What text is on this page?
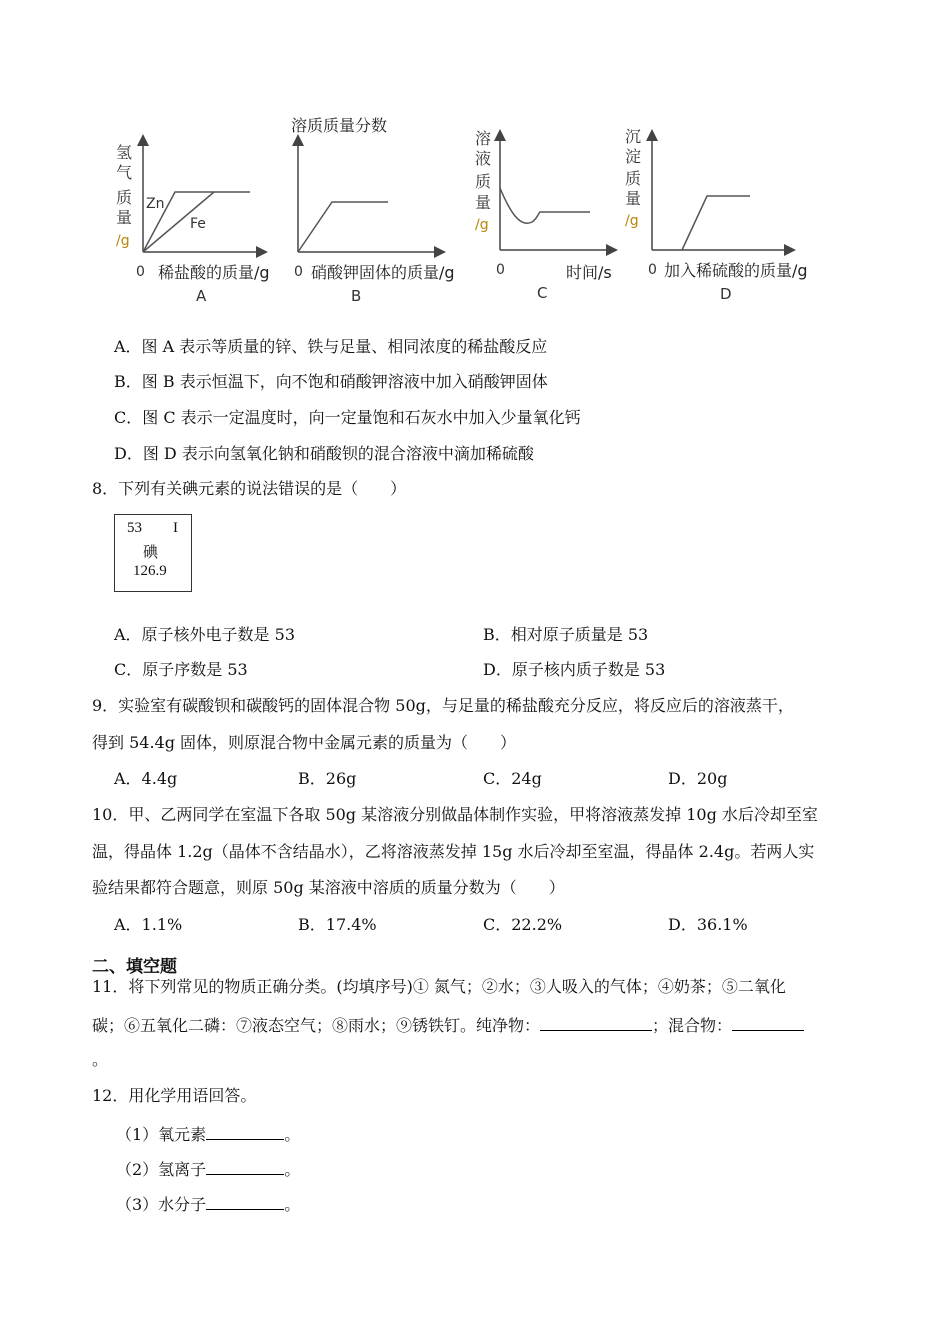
氢
气
质
量
/g
Zn
Fe
0 稀盐酸的质量/g
A
溶质质量分数
0 硝酸钾固体的质量/g
B
溶
液
质
量
/g
0	时间/s
C
沉
淀
质
量
/g
0 加入稀硫酸的质量/g
D
A．图 A 表示等质量的锌、铁与足量、相同浓度的稀盐酸反应
B．图 B 表示恒温下，向不饱和硝酸钾溶液中加入硝酸钾固体
C．图 C 表示一定温度时，向一定量饱和石灰水中加入少量氧化钙
D．图 D 表示向氢氧化钠和硝酸钡的混合溶液中滴加稀硫酸
8．下列有关碘元素的说法错误的是（　　）
53 I
碘
126.9
A．原子核外电子数是 53	B．相对原子质量是 53
C．原子序数是 53	D．原子核内质子数是 53
9．实验室有碳酸钡和碳酸钙的固体混合物 50g，与足量的稀盐酸充分反应，将反应后的溶液蒸干，
得到 54.4g 固体，则原混合物中金属元素的质量为（　　）
A．4.4g	B．26g	C．24g	D．20g
10．甲、乙两同学在室温下各取 50g 某溶液分别做晶体制作实验，甲将溶液蒸发掉 10g 水后冷却至室
温，得晶体 1.2g（晶体不含结晶水），乙将溶液蒸发掉 15g 水后冷却至室温，得晶体 2.4g。若两人实
验结果都符合题意，则原 50g 某溶液中溶质的质量分数为（　　）
A．1.1%	B．17.4%	C．22.2%	D．36.1%
二、填空题
11．将下列常见的物质正确分类。(均填序号)① 氮气；②水；③人吸入的气体；④奶茶；⑤二氧化
碳；⑥五氧化二磷：⑦液态空气；⑧雨水；⑨锈铁钉。纯净物：	；混合物：
。
12．用化学用语回答。
（1）氧元素	。
（2）氢离子	。
（3）水分子	。
